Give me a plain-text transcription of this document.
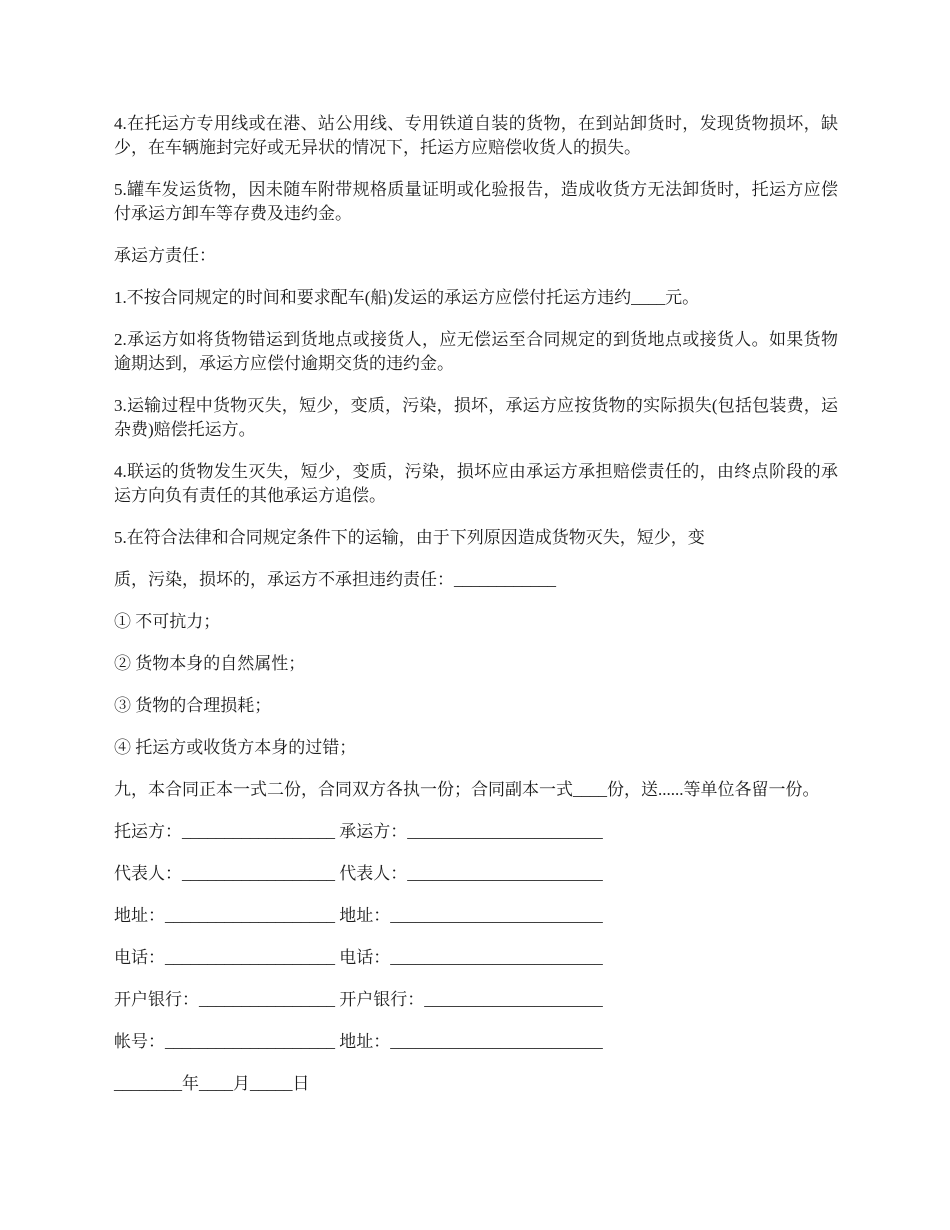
4.在托运方专用线或在港、站公用线、专用铁道自装的货物，在到站卸货时，发现货物损坏，缺少，在车辆施封完好或无异状的情况下，托运方应赔偿收货人的损失。

5.罐车发运货物，因未随车附带规格质量证明或化验报告，造成收货方无法卸货时，托运方应偿付承运方卸车等存费及违约金。

承运方责任：

1.不按合同规定的时间和要求配车(船)发运的承运方应偿付托运方违约____元。

2.承运方如将货物错运到货地点或接货人，应无偿运至合同规定的到货地点或接货人。如果货物逾期达到，承运方应偿付逾期交货的违约金。

3.运输过程中货物灭失，短少，变质，污染，损坏，承运方应按货物的实际损失(包括包装费，运杂费)赔偿托运方。

4.联运的货物发生灭失，短少，变质，污染，损坏应由承运方承担赔偿责任的，由终点阶段的承运方向负有责任的其他承运方追偿。

5.在符合法律和合同规定条件下的运输，由于下列原因造成货物灭失，短少，变

质，污染，损坏的，承运方不承担违约责任：____________

① 不可抗力；

② 货物本身的自然属性；

③ 货物的合理损耗；

④ 托运方或收货方本身的过错；

九，本合同正本一式二份，合同双方各执一份；合同副本一式____份，送......等单位各留一份。

托运方：__________________ 承运方：_______________________
代表人：__________________ 代表人：_______________________
地址：____________________ 地址：_________________________
电话：____________________ 电话：_________________________
开户银行：________________ 开户银行：_____________________
帐号：____________________ 地址：_________________________
________年____月_____日
